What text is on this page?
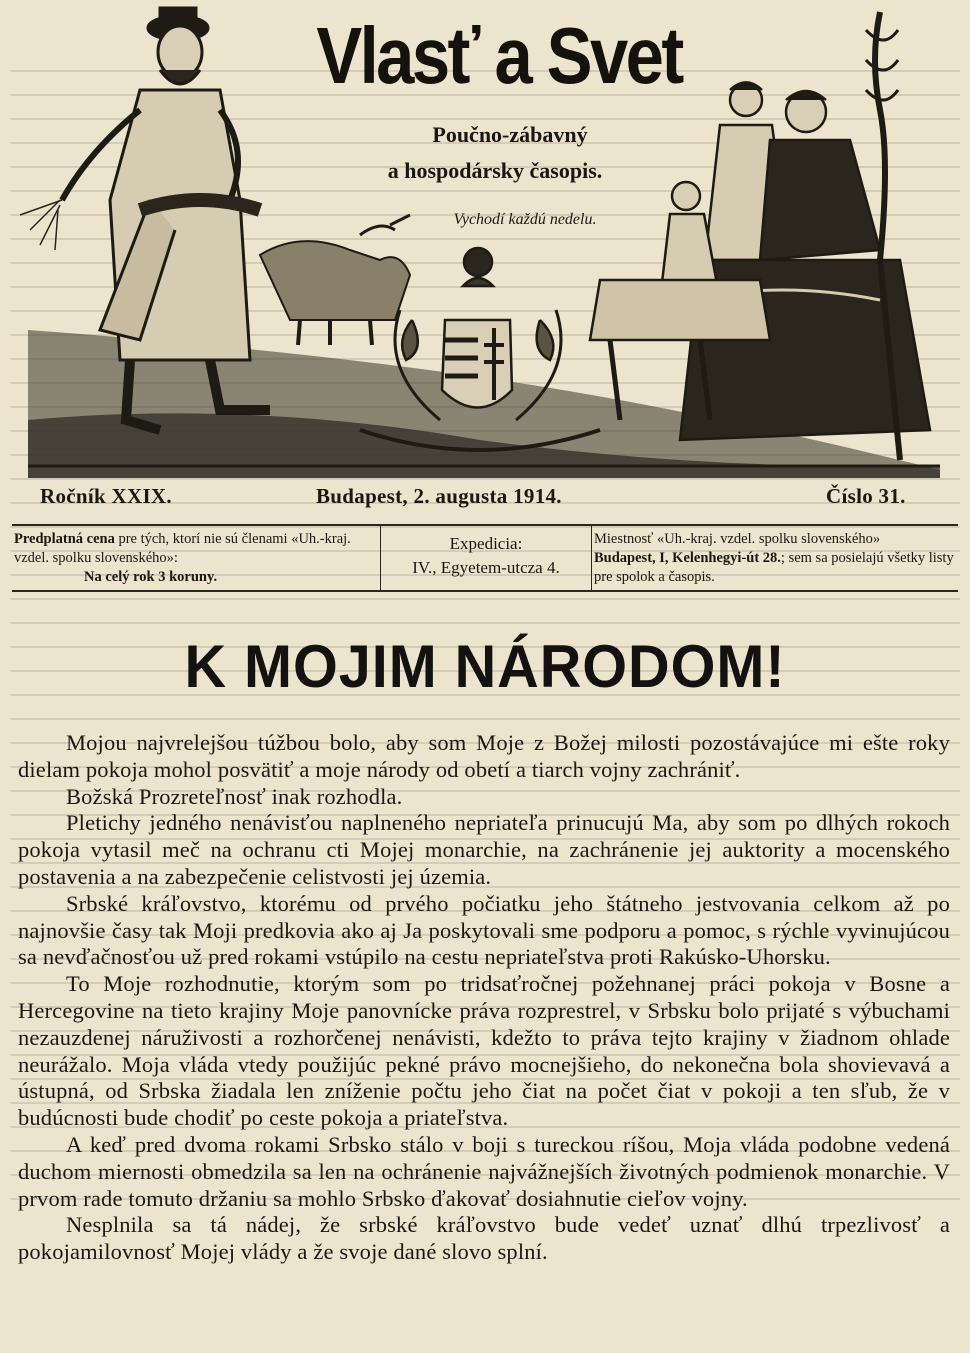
Vlasť a Svet
Poučno-zábavný
a hospodársky časopis.
Vychodí každú nedelu.
Ročník XXIX.	Budapest, 2. augusta 1914.	Číslo 31.
Predplatná cena pre tých, ktorí nie sú členami «Uh.-kraj. vzdel. spolku slovenského»:
Na celý rok 3 koruny.
Expedicia:
IV., Egyetem-utcza 4.
Miestnosť «Uh.-kraj. vzdel. spolku slovenského»
Budapest, I, Kelenhegyi-út 28.; sem sa posielajú všetky listy pre spolok a časopis.
K MOJIM NÁRODOM!

Mojou najvrelejšou túžbou bolo, aby som Moje z Božej milosti pozostávajúce mi ešte roky dielam pokoja mohol posvätiť a moje národy od obetí a tiarch vojny zachrániť.

Božská Prozreteľnosť inak rozhodla.

Pletichy jedného nenávisťou naplneného nepriateľa prinucujú Ma, aby som po dlhých rokoch pokoja vytasil meč na ochranu cti Mojej monarchie, na zachránenie jej auktority a mocenského postavenia a na zabezpečenie celistvosti jej územia.

Srbské kráľovstvo, ktorému od prvého počiatku jeho štátneho jestvovania celkom až po najnovšie časy tak Moji predkovia ako aj Ja poskytovali sme podporu a pomoc, s rýchle vyvinujúcou sa nevďačnosťou už pred rokami vstúpilo na cestu nepriateľstva proti Rakúsko-Uhorsku.

To Moje rozhodnutie, ktorým som po tridsaťročnej požehnanej práci pokoja v Bosne a Hercegovine na tieto krajiny Moje panovnícke práva rozprestrel, v Srbsku bolo prijaté s výbuchami nezauzdenej náruživosti a rozhorčenej nenávisti, kdežto to práva tejto krajiny v žiadnom ohlade neurážalo. Moja vláda vtedy použijúc pekné právo mocnejšieho, do nekonečna bola shovievavá a ústupná, od Srbska žiadala len zníženie počtu jeho čiat na počet čiat v pokoji a ten sľub, že v budúcnosti bude chodiť po ceste pokoja a priateľstva.

A keď pred dvoma rokami Srbsko stálo v boji s tureckou ríšou, Moja vláda podobne vedená duchom miernosti obmedzila sa len na ochránenie najvážnejších životných podmienok monarchie. V prvom rade tomuto držaniu sa mohlo Srbsko ďakovať dosiahnutie cieľov vojny.

Nesplnila sa tá nádej, že srbské kráľovstvo bude vedeť uznať dlhú trpezlivosť a pokojamilovnosť Mojej vlády a že svoje dané slovo splní.
